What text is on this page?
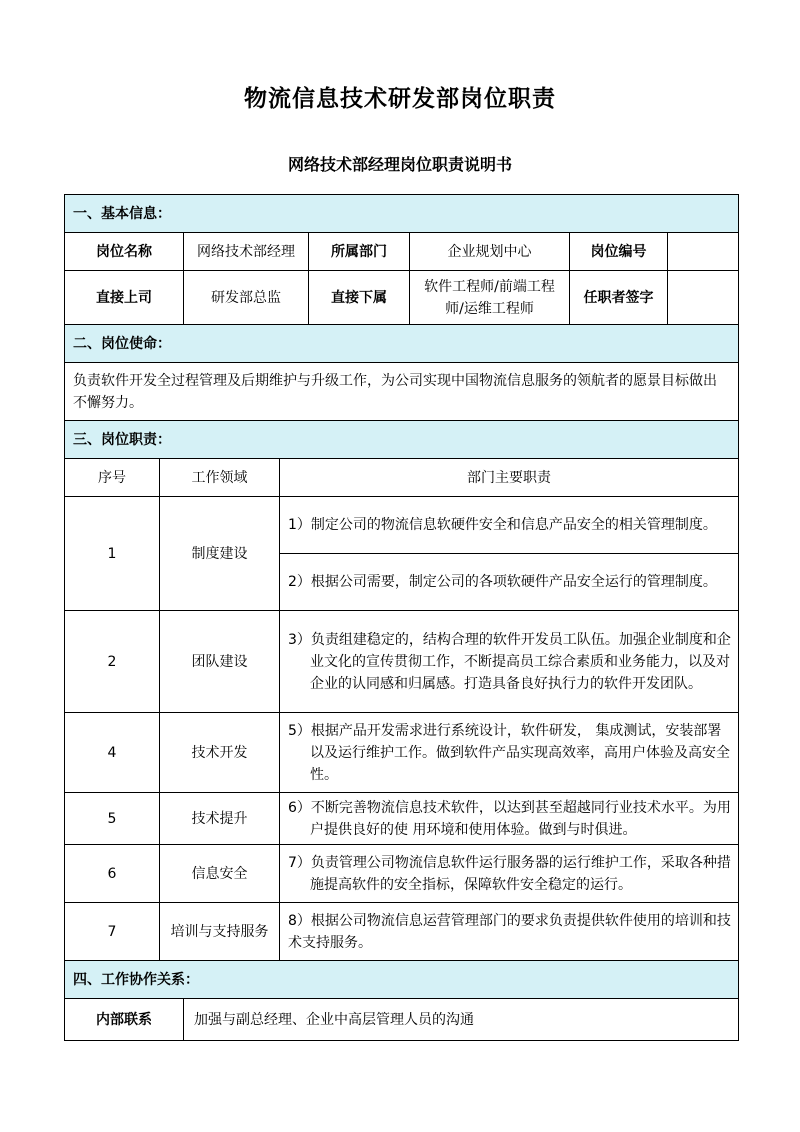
物流信息技术研发部岗位职责
网络技术部经理岗位职责说明书
一、基本信息：							
岗位名称		网络技术部经理		所属部门	企业规划中心	岗位编号	
直接上司		研发部总监		直接下属	软件工程师/前端工程师/运维工程师	任职者签字	
二、岗位使命：							
负责软件开发全过程管理及后期维护与升级工作，为公司实现中国物流信息服务的领航者的愿景目标做出不懈努力。							
三、岗位职责：							
序号	工作领域		部门主要职责				
1	制度建设		1）制定公司的物流信息软硬件安全和信息产品安全的相关管理制度。				
			2）根据公司需要，制定公司的各项软硬件产品安全运行的管理制度。				
2	团队建设		3）负责组建稳定的，结构合理的软件开发员工队伍。加强企业制度和企业文化的宣传贯彻工作，不断提高员工综合素质和业务能力，以及对企业的认同感和归属感。打造具备良好执行力的软件开发团队。				
4	技术开发		5）根据产品开发需求进行系统设计，软件研发， 集成测试，安装部署以及运行维护工作。做到软件产品实现高效率，高用户体验及高安全性。				
5	技术提升		6）不断完善物流信息技术软件，以达到甚至超越同行业技术水平。为用户提供良好的使 用环境和使用体验。做到与时俱进。				
6	信息安全		7）负责管理公司物流信息软件运行服务器的运行维护工作，采取各种措施提高软件的安全指标，保障软件安全稳定的运行。				
7	培训与支持服务		8）根据公司物流信息运营管理部门的要求负责提供软件使用的培训和技术支持服务。				
四、工作协作关系：							
内部联系		加强与副总经理、企业中高层管理人员的沟通					
